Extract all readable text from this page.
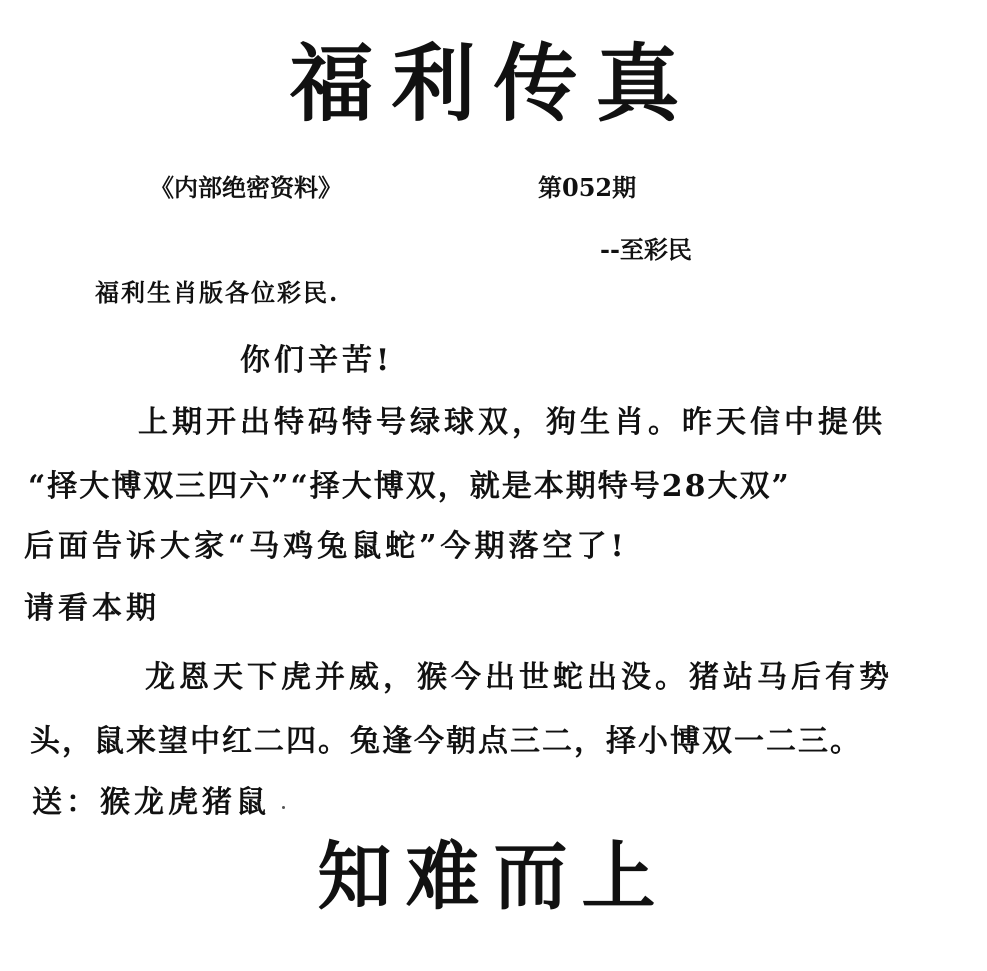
福利传真
《内部绝密资料》	第052期
--至彩民
福利生肖版各位彩民.
你们辛苦!
上期开出特码特号绿球双，狗生肖。昨天信中提供
“择大博双三四六”“择大博双，就是本期特号28大双”
后面告诉大家“马鸡兔鼠蛇”今期落空了!
请看本期
龙恩天下虎并威，猴今出世蛇出没。猪站马后有势
头，鼠来望中红二四。兔逢今朝点三二，择小博双一二三。
送：猴龙虎猪鼠
知难而上
